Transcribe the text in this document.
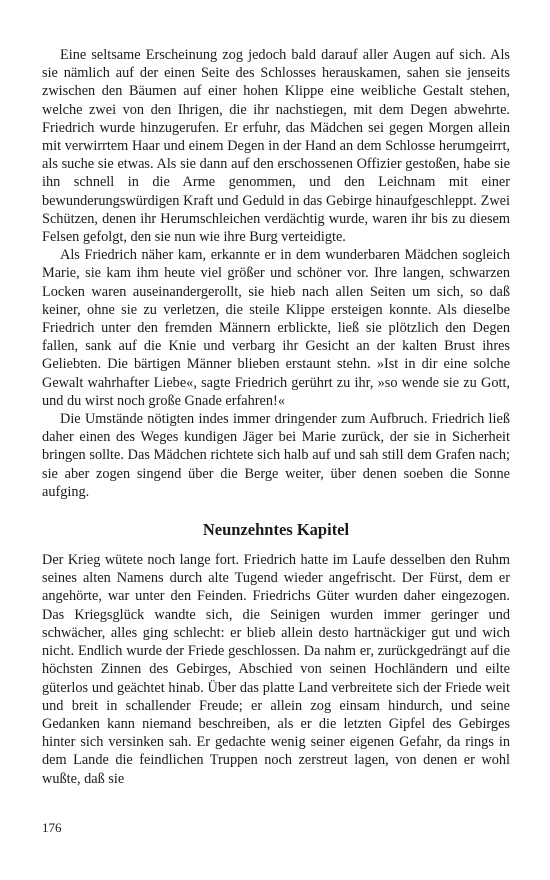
Eine seltsame Erscheinung zog jedoch bald darauf aller Augen auf sich. Als sie nämlich auf der einen Seite des Schlosses herauskamen, sahen sie jenseits zwischen den Bäumen auf einer hohen Klippe eine weibliche Gestalt stehen, welche zwei von den Ihrigen, die ihr nachstiegen, mit dem Degen abwehrte. Friedrich wurde hinzugerufen. Er erfuhr, das Mädchen sei gegen Morgen allein mit verwirrtem Haar und einem Degen in der Hand an dem Schlosse herumgeirrt, als suche sie etwas. Als sie dann auf den erschossenen Offizier gestoßen, habe sie ihn schnell in die Arme genommen, und den Leichnam mit einer bewunderungswürdigen Kraft und Geduld in das Gebirge hinaufgeschleppt. Zwei Schützen, denen ihr Herumschleichen verdächtig wurde, waren ihr bis zu diesem Felsen gefolgt, den sie nun wie ihre Burg verteidigte.

Als Friedrich näher kam, erkannte er in dem wunderbaren Mädchen sogleich Marie, sie kam ihm heute viel größer und schöner vor. Ihre langen, schwarzen Locken waren auseinandergerollt, sie hieb nach allen Seiten um sich, so daß keiner, ohne sie zu verletzen, die steile Klippe ersteigen konnte. Als dieselbe Friedrich unter den fremden Männern erblickte, ließ sie plötzlich den Degen fallen, sank auf die Knie und verbarg ihr Gesicht an der kalten Brust ihres Geliebten. Die bärtigen Männer blieben erstaunt stehn. »Ist in dir eine solche Gewalt wahrhafter Liebe«, sagte Friedrich gerührt zu ihr, »so wende sie zu Gott, und du wirst noch große Gnade erfahren!«

Die Umstände nötigten indes immer dringender zum Aufbruch. Friedrich ließ daher einen des Weges kundigen Jäger bei Marie zurück, der sie in Sicherheit bringen sollte. Das Mädchen richtete sich halb auf und sah still dem Grafen nach; sie aber zogen singend über die Berge weiter, über denen soeben die Sonne aufging.

Neunzehntes Kapitel

Der Krieg wütete noch lange fort. Friedrich hatte im Laufe desselben den Ruhm seines alten Namens durch alte Tugend wieder angefrischt. Der Fürst, dem er angehörte, war unter den Feinden. Friedrichs Güter wurden daher eingezogen. Das Kriegsglück wandte sich, die Seinigen wurden immer geringer und schwächer, alles ging schlecht: er blieb allein desto hartnäckiger gut und wich nicht. Endlich wurde der Friede geschlossen. Da nahm er, zurückgedrängt auf die höchsten Zinnen des Gebirges, Abschied von seinen Hochländern und eilte güterlos und geächtet hinab. Über das platte Land verbreitete sich der Friede weit und breit in schallender Freude; er allein zog einsam hindurch, und seine Gedanken kann niemand beschreiben, als er die letzten Gipfel des Gebirges hinter sich versinken sah. Er gedachte wenig seiner eigenen Gefahr, da rings in dem Lande die feindlichen Truppen noch zerstreut lagen, von denen er wohl wußte, daß sie

176
